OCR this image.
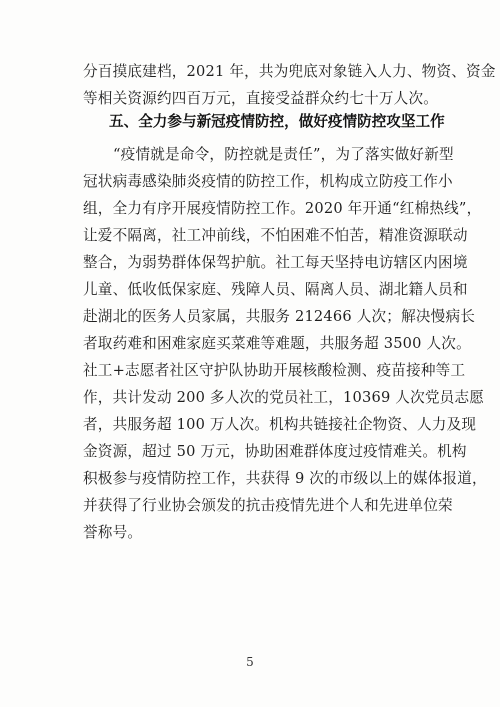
分百摸底建档，2021 年，共为兜底对象链入人力、物资、资金
等相关资源约四百万元，直接受益群众约七十万人次。
五、全力参与新冠疫情防控，做好疫情防控攻坚工作
“疫情就是命令，防控就是责任”，为了落实做好新型
冠状病毒感染肺炎疫情的防控工作，机构成立防疫工作小
组，全力有序开展疫情防控工作。2020 年开通“红棉热线”，
让爱不隔离，社工冲前线，不怕困难不怕苦，精准资源联动
整合，为弱势群体保驾护航。社工每天坚持电访辖区内困境
儿童、低收低保家庭、残障人员、隔离人员、湖北籍人员和
赴湖北的医务人员家属，共服务 212466 人次；解决慢病长
者取药难和困难家庭买菜难等难题，共服务超 3500 人次。
社工+志愿者社区守护队协助开展核酸检测、疫苗接种等工
作，共计发动 200 多人次的党员社工，10369 人次党员志愿
者，共服务超 100 万人次。机构共链接社企物资、人力及现
金资源，超过 50 万元，协助困难群体度过疫情难关。机构
积极参与疫情防控工作，共获得 9 次的市级以上的媒体报道，
并获得了行业协会颁发的抗击疫情先进个人和先进单位荣
誉称号。
5
